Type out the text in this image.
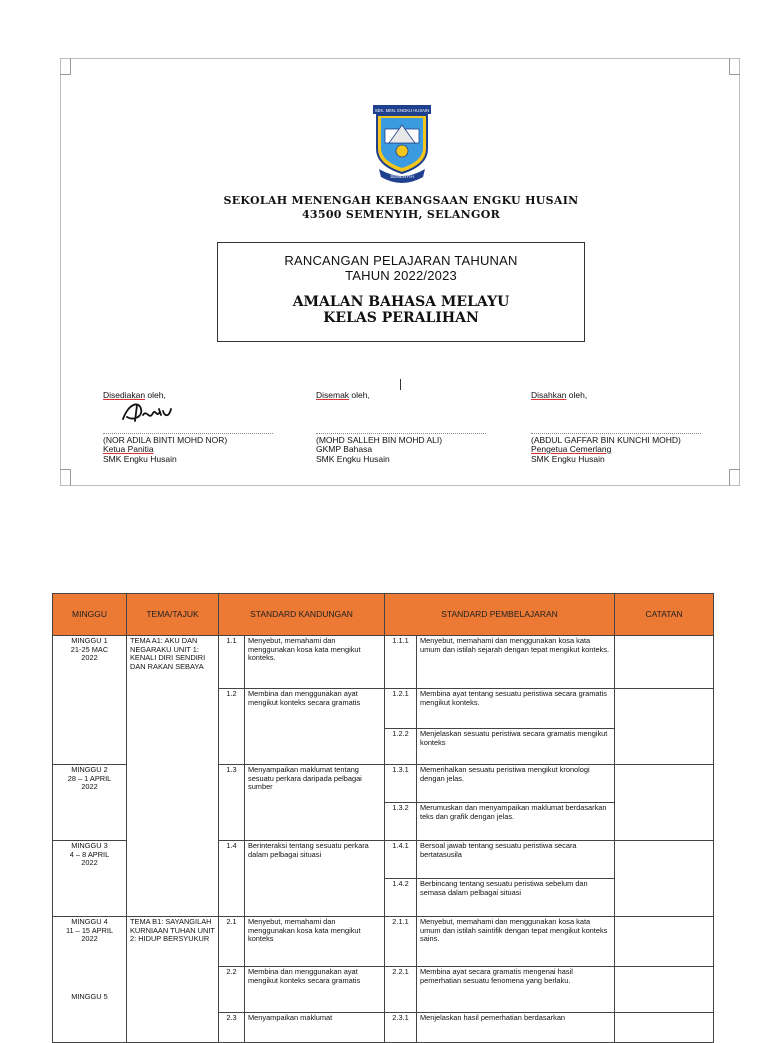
SEK. MEN. ENGKU HUSAIN
SEMENYIH
SEKOLAH MENENGAH KEBANGSAAN ENGKU HUSAIN
43500 SEMENYIH, SELANGOR
RANCANGAN PELAJARAN TAHUNAN
TAHUN 2022/2023
AMALAN BAHASA MELAYU
KELAS PERALIHAN
Disediakan oleh,
(NOR ADILA BINTI MOHD NOR)
Ketua Panitia
SMK Engku Husain
Disemak oleh,
(MOHD SALLEH BIN MOHD ALI)
GKMP Bahasa
SMK Engku Husain
Disahkan oleh,
(ABDUL GAFFAR BIN KUNCHI MOHD)
Pengetua Cemerlang
SMK Engku Husain
MINGGU	TEMA/TAJUK	STANDARD KANDUNGAN		STANDARD PEMBELAJARAN		CATATAN

MINGGU 1
21-25 MAC
2022	TEMA A1: AKU DAN NEGARAKU UNIT 1: KENALI DIRI SENDIRI DAN RAKAN SEBAYA	1.1	Menyebut, memahami dan menggunakan kosa kata mengikut konteks.	1.1.1	Menyebut, memahami dan menggunakan kosa kata umum dan istilah sejarah dengan tepat mengikut konteks.	
		1.2	Membina dan menggunakan ayat mengikut konteks secara gramatis	1.2.1	Membina ayat tentang sesuatu peristiwa secara gramatis mengikut konteks.	
				1.2.2	Menjelaskan sesuatu peristiwa secara gramatis mengikut konteks	

MINGGU 2
28 – 1 APRIL
2022		1.3	Menyampaikan maklumat tentang sesuatu perkara daripada pelbagai sumber	1.3.1	Memerihalkan sesuatu peristiwa mengikut kronologi dengan jelas.	
				1.3.2	Merumuskan dan menyampaikan maklumat berdasarkan teks dan grafik dengan jelas.	

MINGGU 3
4 – 8 APRIL
2022		1.4	Berinteraksi tentang sesuatu perkara dalam pelbagai situasi	1.4.1	Bersoal jawab tentang sesuatu peristiwa secara bertatasusila	
				1.4.2	Berbincang tentang sesuatu peristiwa sebelum dan semasa dalam pelbagai situasi	

MINGGU 4
11 – 15 APRIL
2022
MINGGU 5	TEMA B1: SAYANGILAH KURNIAAN TUHAN UNIT 2: HIDUP BERSYUKUR	2.1	Menyebut, memahami dan menggunakan kosa kata mengikut konteks	2.1.1	Menyebut, memahami dan menggunakan kosa kata umum dan istilah saintifik dengan tepat mengikut konteks sains.	
		2.2	Membina dan menggunakan ayat mengikut konteks secara gramatis	2.2.1	Membina ayat secara gramatis mengenai hasil pemerhatian sesuatu fenomena yang berlaku.	
		2.3	Menyampaikan maklumat	2.3.1	Menjelaskan hasil pemerhatian berdasarkan	
